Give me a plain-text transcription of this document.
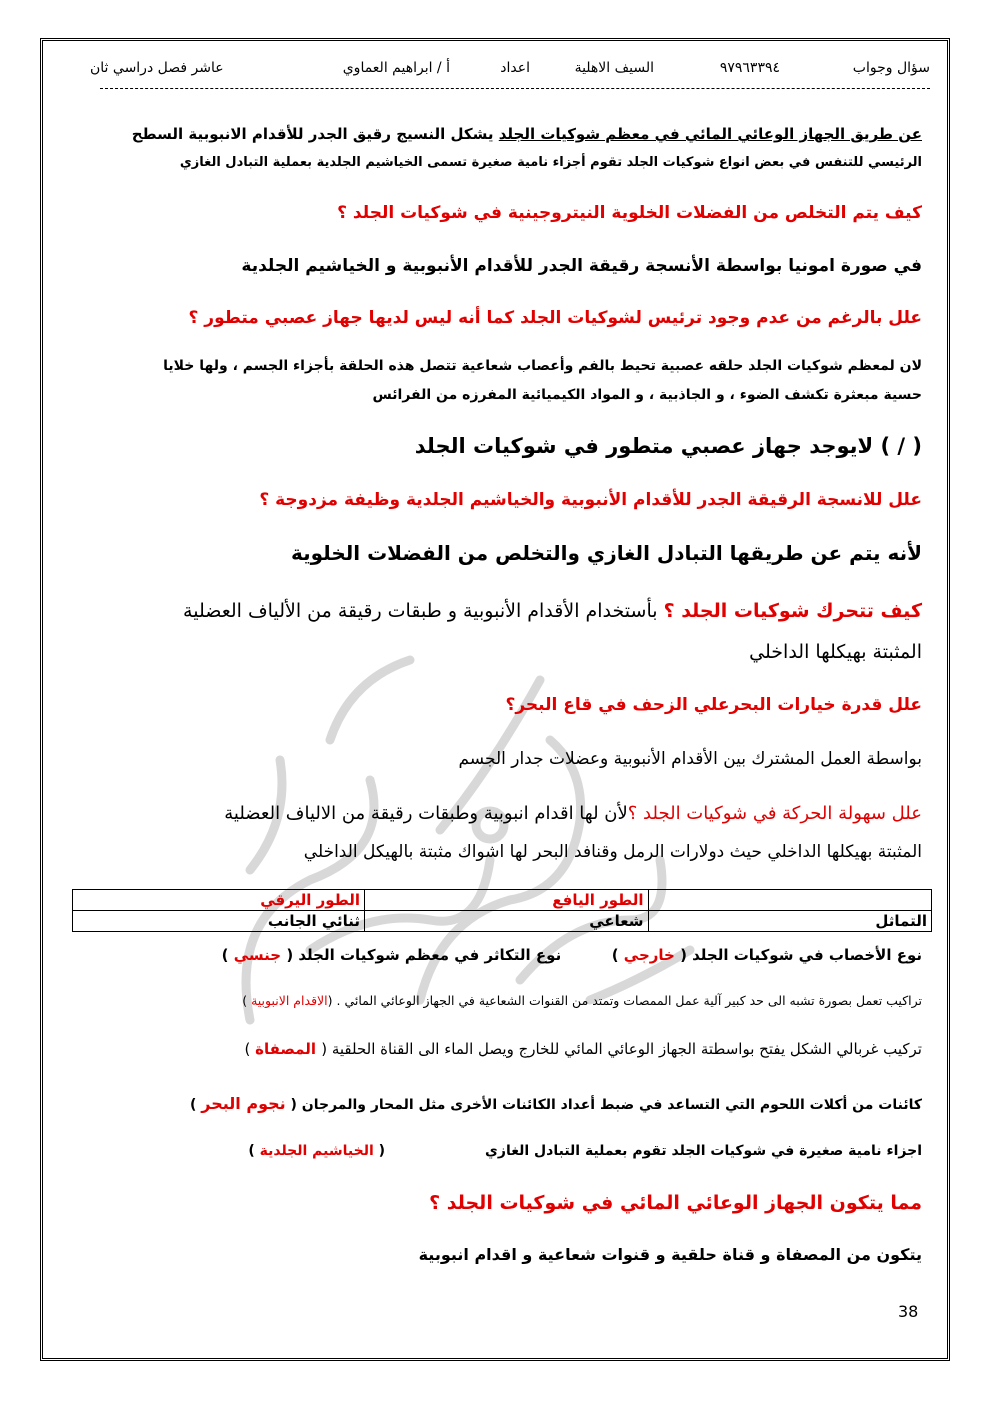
سؤال وجواب
٩٧٩٦٣٣٩٤
السيف الاهلية
اعداد
أ / ابراهيم العماوي
عاشر فصل دراسي ثان
عن طريق الجهاز الوعائي المائي في معظم شوكيات الجلد يشكل النسيج رقيق الجدر للأقدام الانبوبية السطح
الرئيسي للتنفس في بعض انواع شوكيات الجلد تقوم أجزاء نامية صغيرة تسمى الخياشيم الجلدية بعملية التبادل الغازي
كيف يتم التخلص من الفضلات الخلوية النيتروجينية في شوكيات الجلد ؟
في صورة امونيا بواسطة الأنسجة رقيقة الجدر للأقدام الأنبوبية و الخياشيم الجلدية
علل بالرغم من عدم وجود ترئيس لشوكيات الجلد كما أنه ليس لديها جهاز عصبي متطور ؟
لان لمعظم شوكيات الجلد حلقه عصبية تحيط بالفم وأعصاب شعاعية تتصل هذه الحلقة بأجزاء الجسم ، ولها خلايا
حسية مبعثرة تكشف الضوء ، و الجاذبية ، و المواد الكيميائية المفرزه من الفرائس
( / ) لايوجد جهاز عصبي متطور في شوكيات الجلد
علل للانسجة الرقيقة الجدر للأقدام الأنبوبية والخياشيم الجلدية وظيفة مزدوجة ؟
لأنه يتم عن طريقها التبادل الغازي والتخلص من الفضلات الخلوية
كيف تتحرك شوكيات الجلد ؟ بأستخدام الأقدام الأنبوبية و طبقات رقيقة من الألياف العضلية
المثبتة بهيكلها الداخلي
علل قدرة خيارات البحرعلي الزحف في قاع البحر؟
بواسطة العمل المشترك بين الأقدام الأنبوبية وعضلات جدار الجسم
علل سهولة الحركة في شوكيات الجلد ؟لأن لها اقدام انبوبية وطبقات رقيقة من الالياف العضلية
المثبتة بهيكلها الداخلي حيث دولارات الرمل وقنافد البحر لها اشواك مثبتة بالهيكل الداخلي
	الطور اليافع	الطور اليرقي
التماثل	شعاعي	ثنائي الجانب
نوع الأخصاب في شوكيات الجلد ( خارجي )  نوع التكاثر في معظم شوكيات الجلد ( جنسي )
تراكيب تعمل بصورة تشبه الى حد كبير آلية عمل الممصات وتمتد من القنوات الشعاعية في الجهاز الوعائي المائي . (الاقدام الانبوبية )
تركيب غربالي الشكل يفتح بواسطتة الجهاز الوعائي المائي للخارج ويصل الماء الى القناة الحلقية ( المصفاة )
كائنات من أكلات اللحوم التي التساعد في ضبط أعداد الكائنات الأخرى مثل المحار والمرجان ( نجوم البحر )
اجزاء نامية صغيرة في شوكيات الجلد تقوم بعملية التبادل الغازي( الخياشيم الجلدية )
مما يتكون الجهاز الوعائي المائي في شوكيات الجلد ؟
يتكون من المصفاة و قناة حلقية و قنوات شعاعية و اقدام انبوبية
38
